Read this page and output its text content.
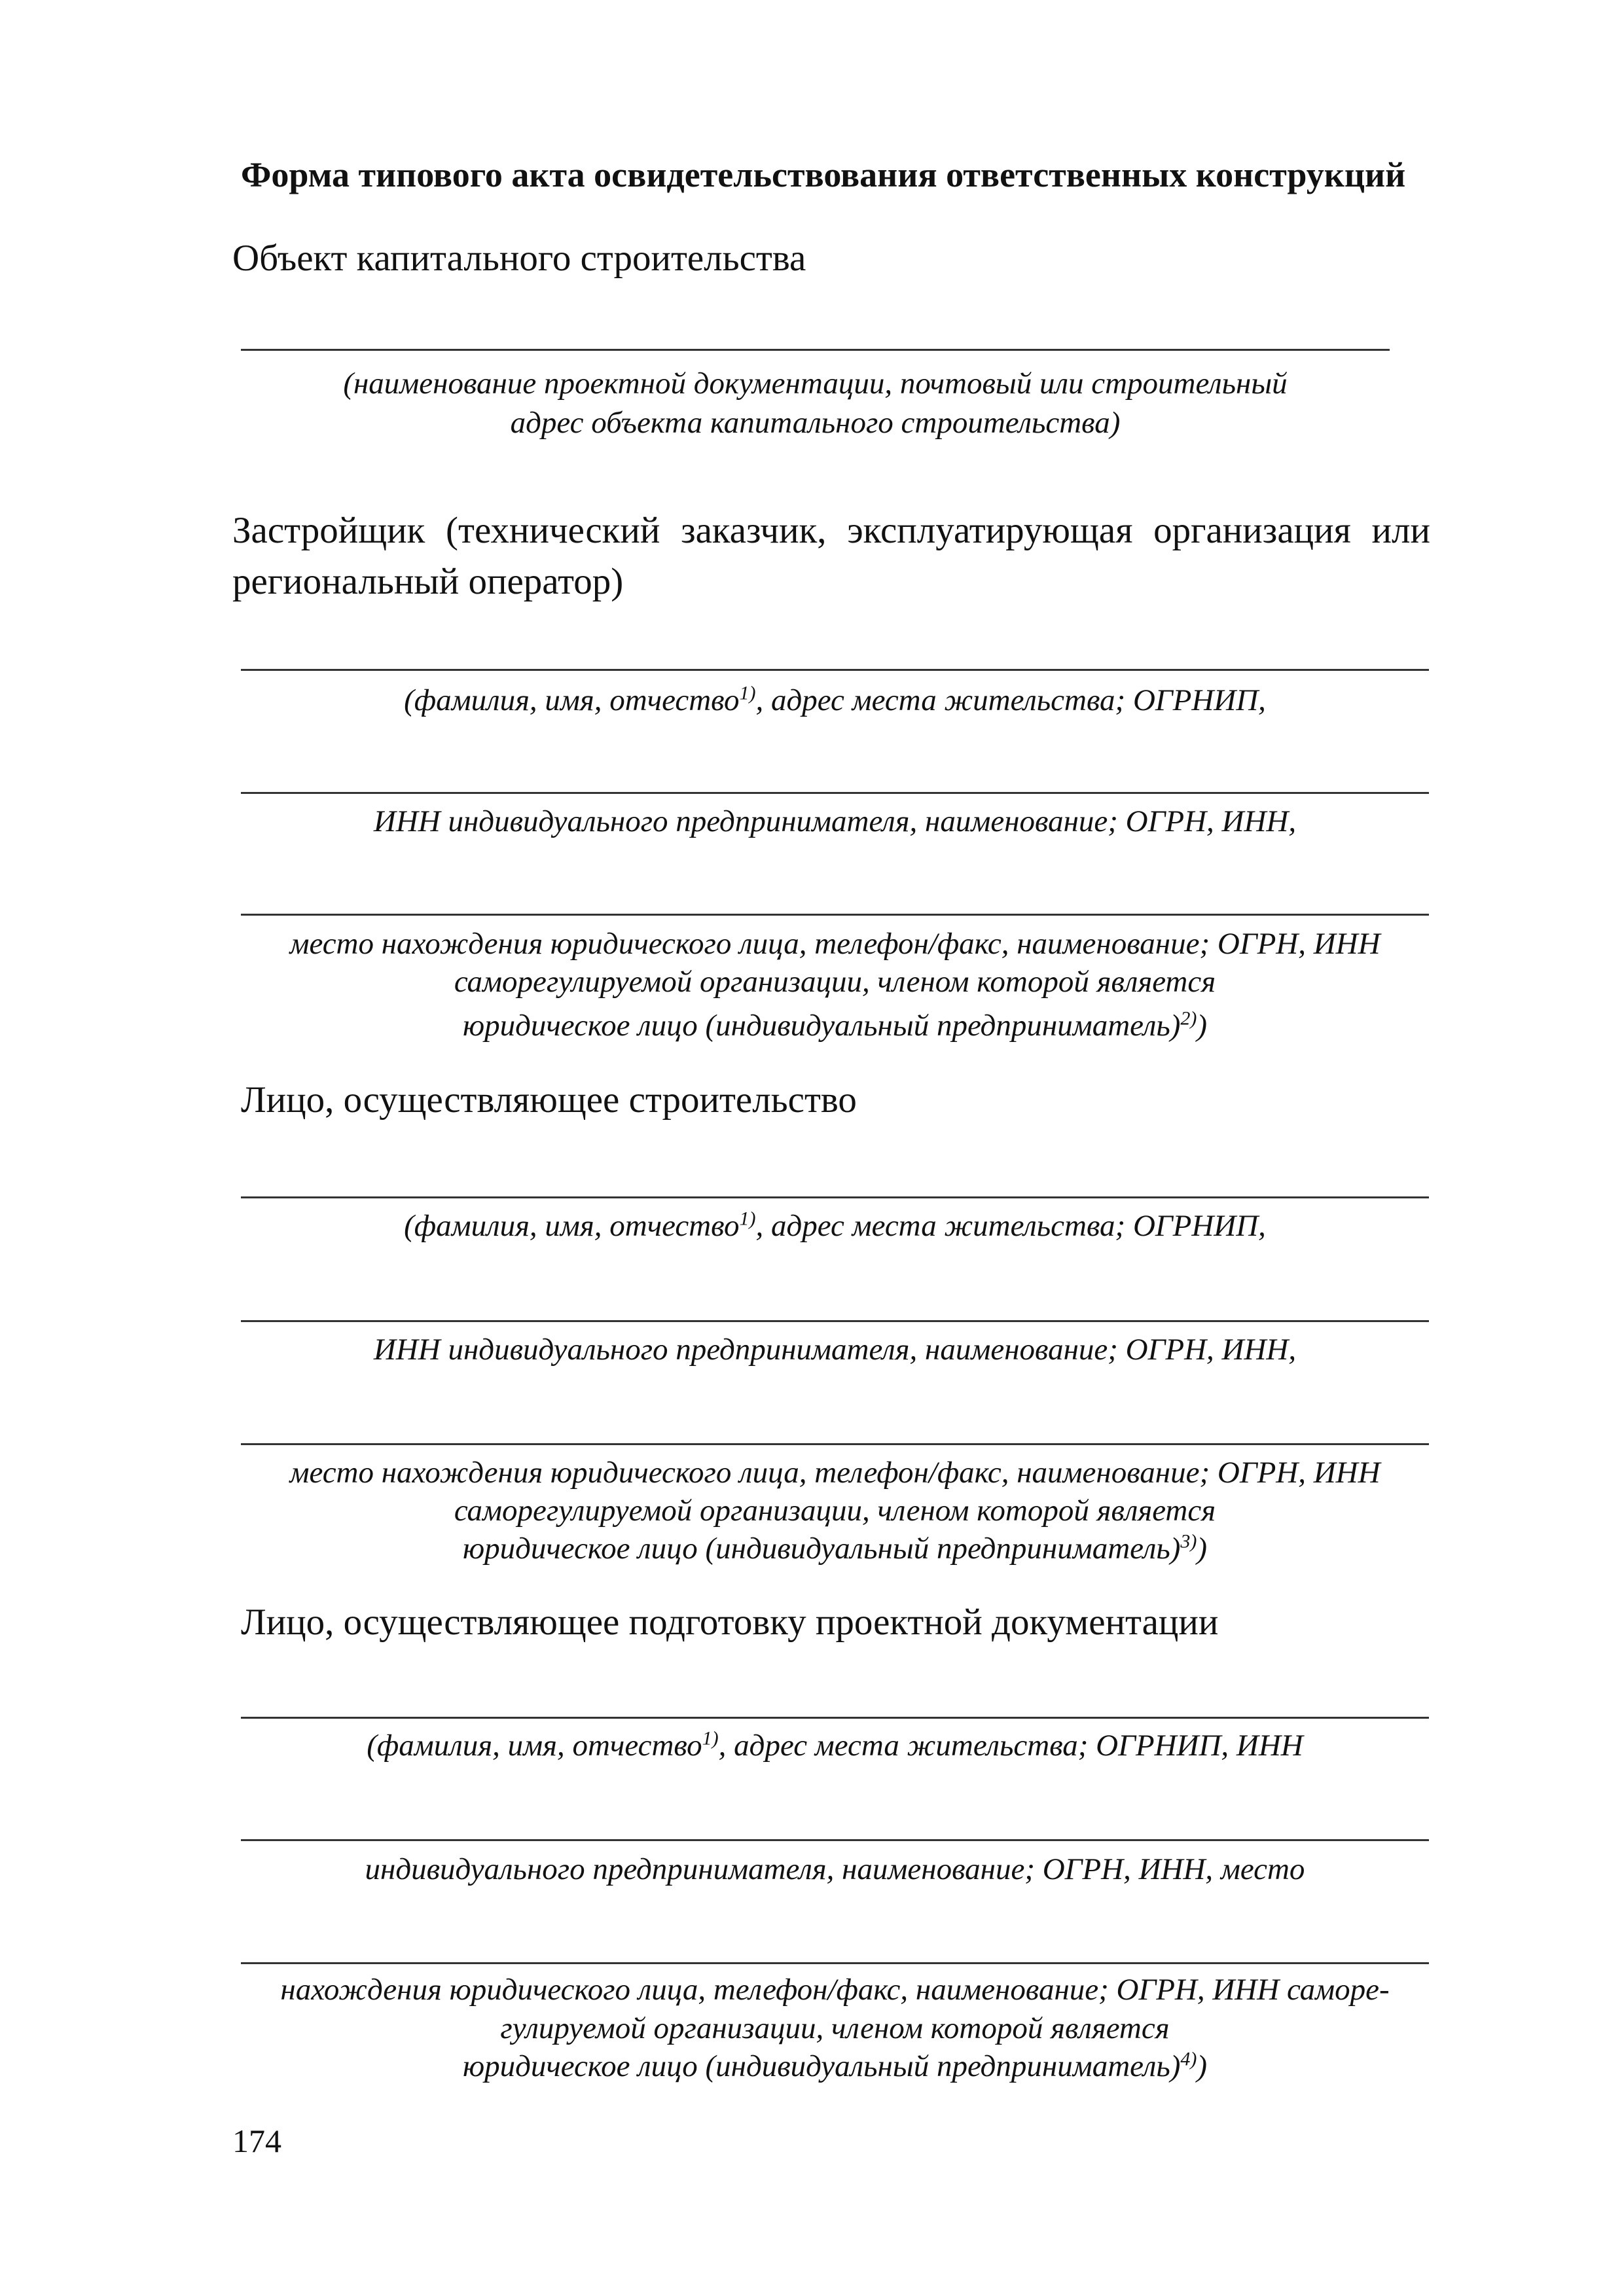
Форма типового акта освидетельствования ответственных конструкций
Объект капитального строительства
(наименование проектной документации, почтовый или строительный
адрес объекта капитального строительства)
Застройщик (технический заказчик, эксплуатирующая организация или
региональный оператор)
(фамилия, имя, отчество$^{1)}$, адрес места жительства; ОГРНИП,
ИНН индивидуального предпринимателя, наименование; ОГРН, ИНН,
место нахождения юридического лица, телефон/факс, наименование; ОГРН, ИНН
саморегулируемой организации, членом которой является
юридическое лицо (индивидуальный предприниматель)$^{2)}$)
Лицо, осуществляющее строительство
(фамилия, имя, отчество$^{1)}$, адрес места жительства; ОГРНИП,
ИНН индивидуального предпринимателя, наименование; ОГРН, ИНН,
место нахождения юридического лица, телефон/факс, наименование; ОГРН, ИНН
саморегулируемой организации, членом которой является
юридическое лицо (индивидуальный предприниматель)$^{3)}$)
Лицо, осуществляющее подготовку проектной документации
(фамилия, имя, отчество$^{1)}$, адрес места жительства; ОГРНИП, ИНН
индивидуального предпринимателя, наименование; ОГРН, ИНН, место
нахождения юридического лица, телефон/факс, наименование; ОГРН, ИНН саморе-
гулируемой организации, членом которой является
юридическое лицо (индивидуальный предприниматель)$^{4)}$)
174
